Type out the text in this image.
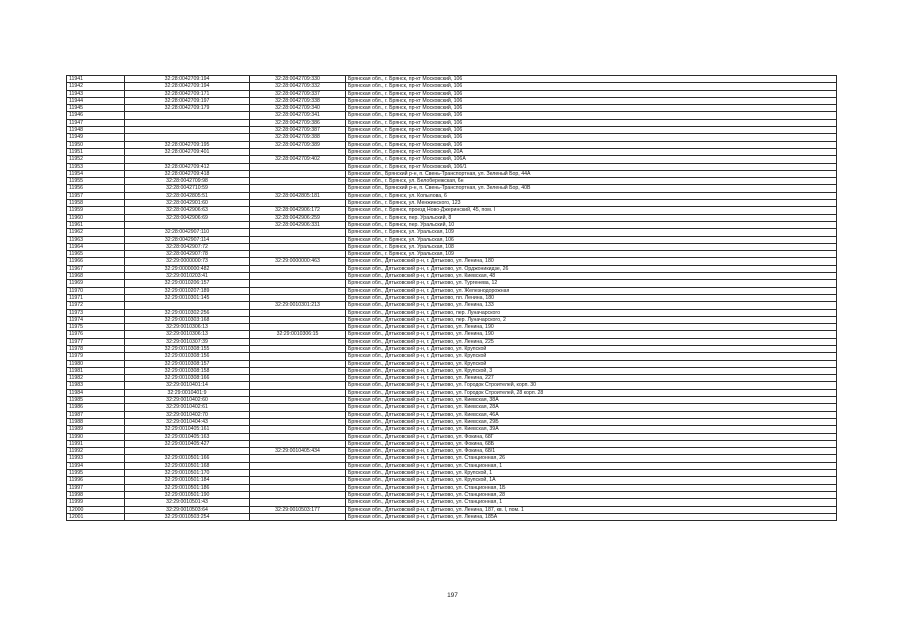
11941	32:28:0042709:194	32:28:0042709:330	Брянская обл., г. Брянск, пр-кт Московский, 106
11942	32:28:0042709:194	32:28:0042709:332	Брянская обл., г. Брянск, пр-кт Московский, 106
11943	32:28:0042709:171	32:28:0042709:337	Брянская обл., г. Брянск, пр-кт Московский, 106
11944	32:28:0042709:197	32:28:0042709:338	Брянская обл., г. Брянск, пр-кт Московский, 106
11945	32:28:0042709:179	32:28:0042709:340	Брянская обл., г. Брянск, пр-кт Московский, 106
11946		32:28:0042709:341	Брянская обл., г. Брянск, пр-кт Московский, 106
11947		32:28:0042709:386	Брянская обл., г. Брянск, пр-кт Московский, 106
11948		32:28:0042709:387	Брянская обл., г. Брянск, пр-кт Московский, 106
11949		32:28:0042709:388	Брянская обл., г. Брянск, пр-кт Московский, 106
11950	32:28:0042709:195	32:28:0042709:389	Брянская обл., г. Брянск, пр-кт Московский, 106
11951	32:28:0042709:401		Брянская обл., г. Брянск, пр-кт Московский, 20А
11952		32:28:0042709:402	Брянская обл., г. Брянск, пр-кт Московский, 106А
11953	32:28:0042709:412		Брянская обл., г. Брянск, пр-кт Московский, 106/1
11954	32:28:0042709:418		Брянская обл., Брянский р-н, п. Свень-Транспортная, ул. Зеленый Бор, 44А
11955	32:28:0042709:98		Брянская обл., г. Брянск, ул. Белобережская, 6н
11956	32:28:0042710:59		Брянская обл., Брянский р-н, п. Свень-Транспортная, ул. Зеленый Бор, 40В
11957	32:28:0042805:51	32:28:0042805:181	Брянская обл., г. Брянск, ул. Копылова, 6
11958	32:28:0042901:60		Брянская обл., г. Брянск, ул. Менжинского, 123
11959	32:28:0042906:63	32:28:0042906:172	Брянская обл., г. Брянск, проезд Ново-Джеринский, 45, пом. I
11960	32:28:0042906:69	32:28:0042906:259	Брянская обл., г. Брянск, пер. Уральский, 8
11961		32:28:0042906:331	Брянская обл., г. Брянск, пер. Уральский, 10
11962	32:28:0042907:110		Брянская обл., г. Брянск, ул. Уральская, 109
11963	32:28:0042907:114		Брянская обл., г. Брянск, ул. Уральская, 106
11964	32:28:0042907:72		Брянская обл., г. Брянск, ул. Уральская, 108
11965	32:28:0042907:78		Брянская обл., г. Брянск, ул. Уральская, 109
11966	32:29:0000000:73	32:29:0000000:463	Брянская обл., Дятьковский р-н, г. Дятьково, ул. Ленина, 180
11967	32:29:0000000:482		Брянская обл., Дятьковский р-н, г. Дятьково, ул. Орджоникидзе, 26
11968	32:29:0010203:41		Брянская обл., Дятьковский р-н, г. Дятьково, ул. Киевская, 48
11969	32:29:0010206:157		Брянская обл., Дятьковский р-н, г. Дятьково, ул. Тургенева, 12
11970	32:29:0010207:189		Брянская обл., Дятьковский р-н, г. Дятьково, ул. Железнодорожная
11971	32:29:0010301:145		Брянская обл., Дятьковский р-н, г. Дятьково, пл. Ленина, 180
11972		32:29:0010301:213	Брянская обл., Дятьковский р-н, г. Дятьково, ул. Ленина, 133
11973	32:29:0010302:256		Брянская обл., Дятьковский р-н, г. Дятьково, пер. Луначарского
11974	32:29:0010303:168		Брянская обл., Дятьковский р-н, г. Дятьково, пер. Луначарского, 2
11975	32:29:0010306:13		Брянская обл., Дятьковский р-н, г. Дятьково, ул. Ленина, 190
11976	32:29:0010306:13	32:29:0010306:15	Брянская обл., Дятьковский р-н, г. Дятьково, ул. Ленина, 190
11977	32:29:0010307:39		Брянская обл., Дятьковский р-н, г. Дятьково, ул. Ленина, 225
11978	32:29:0010308:155		Брянская обл., Дятьковский р-н, г. Дятьково, ул. Крупской
11979	32:29:0010308:156		Брянская обл., Дятьковский р-н, г. Дятьково, ул. Крупской
11980	32:29:0010308:157		Брянская обл., Дятьковский р-н, г. Дятьково, ул. Крупской
11981	32:29:0010308:158		Брянская обл., Дятьковский р-н, г. Дятьково, ул. Крупской, 3
11982	32:29:0010308:166		Брянская обл., Дятьковский р-н, г. Дятьково, ул. Ленина, 227
11983	32:29:0010401:14		Брянская обл., Дятьковский р-н, г. Дятьково, ул. Городок Строителей, корп. 30
11984	32:29:0010401:9		Брянская обл., Дятьковский р-н, г. Дятьково, ул. Городок Строителей, 28 корп. 28
11985	32:29:0010402:60		Брянская обл., Дятьковский р-н, г. Дятьково, ул. Киевская, 38А
11986	32:29:0010402:61		Брянская обл., Дятьковский р-н, г. Дятьково, ул. Киевская, 28А
11987	32:29:0010402:70		Брянская обл., Дятьковский р-н, г. Дятьково, ул. Киевская, 46А
11988	32:29:0010404:43		Брянская обл., Дятьковский р-н, г. Дятьково, ул. Киевская, 29Б
11989	32:29:0010405:161		Брянская обл., Дятьковский р-н, г. Дятьково, ул. Киевская, 39А
11990	32:29:0010405:163		Брянская обл., Дятьковский р-н, г. Дятьково, ул. Фокина, 68Г
11991	32:29:0010405:427		Брянская обл., Дятьковский р-н, г. Дятьково, ул. Фокина, 68Б
11992		32:29:0010405:434	Брянская обл., Дятьковский р-н, г. Дятьково, ул. Фокина, 68/1
11993	32:29:0010501:166		Брянская обл., Дятьковский р-н, г. Дятьково, ул. Станционная, 26
11994	32:29:0010501:168		Брянская обл., Дятьковский р-н, г. Дятьково, ул. Станционная, 1
11995	32:29:0010501:170		Брянская обл., Дятьковский р-н, г. Дятьково, ул. Крупской, 1
11996	32:29:0010501:184		Брянская обл., Дятьковский р-н, г. Дятьково, ул. Крупской, 1А
11997	32:29:0010501:186		Брянская обл., Дятьковский р-н, г. Дятьково, ул. Станционная, 1Б
11998	32:29:0010501:190		Брянская обл., Дятьковский р-н, г. Дятьково, ул. Станционная, 28
11999	32:29:0010501:43		Брянская обл., Дятьковский р-н, г. Дятьково, ул. Станционная, 1
12000	32:29:0010503:64	32:29:0010503:177	Брянская обл., Дятьковский р-н, г. Дятьково, ул. Ленина, 187, кв. I, пом. 1
12001	32:29:0010503:254		Брянская обл., Дятьковский р-н, г. Дятьково, ул. Ленина, 185А
197
